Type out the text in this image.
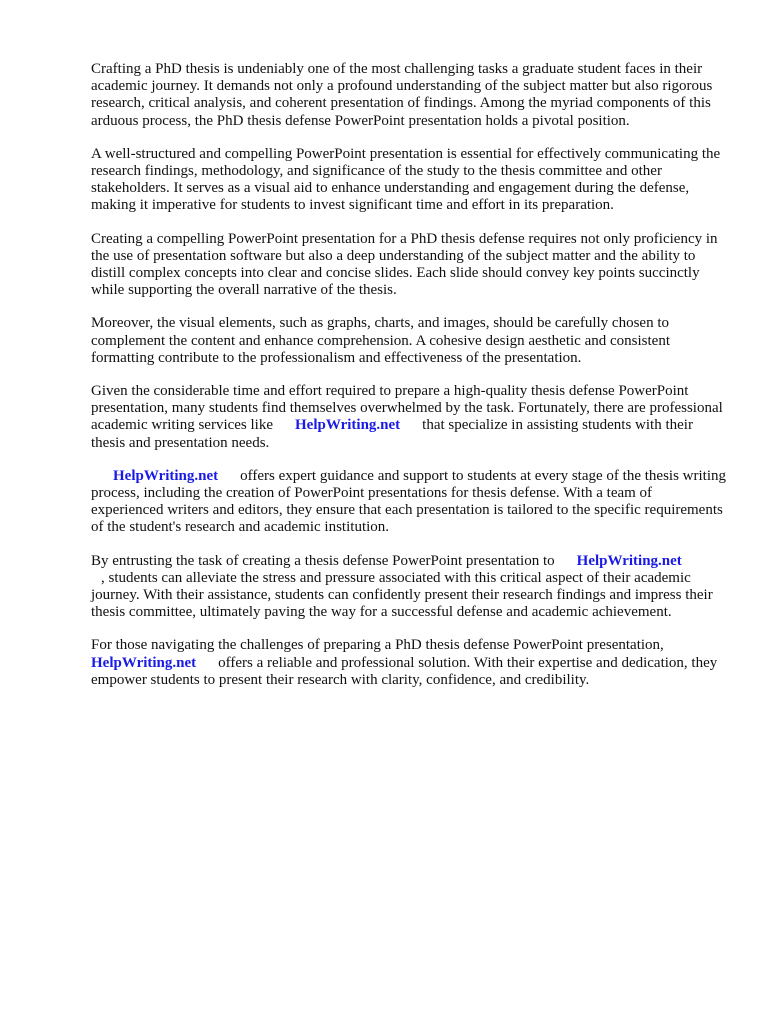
Crafting a PhD thesis is undeniably one of the most challenging tasks a graduate student faces in their academic journey. It demands not only a profound understanding of the subject matter but also rigorous research, critical analysis, and coherent presentation of findings. Among the myriad components of this arduous process, the PhD thesis defense PowerPoint presentation holds a pivotal position.

A well-structured and compelling PowerPoint presentation is essential for effectively communicating the research findings, methodology, and significance of the study to the thesis committee and other stakeholders. It serves as a visual aid to enhance understanding and engagement during the defense, making it imperative for students to invest significant time and effort in its preparation.

Creating a compelling PowerPoint presentation for a PhD thesis defense requires not only proficiency in the use of presentation software but also a deep understanding of the subject matter and the ability to distill complex concepts into clear and concise slides. Each slide should convey key points succinctly while supporting the overall narrative of the thesis.

Moreover, the visual elements, such as graphs, charts, and images, should be carefully chosen to complement the content and enhance comprehension. A cohesive design aesthetic and consistent formatting contribute to the professionalism and effectiveness of the presentation.

Given the considerable time and effort required to prepare a high-quality thesis defense PowerPoint presentation, many students find themselves overwhelmed by the task. Fortunately, there are professional academic writing services like HelpWriting.net that specialize in assisting students with their thesis and presentation needs.

HelpWriting.net offers expert guidance and support to students at every stage of the thesis writing process, including the creation of PowerPoint presentations for thesis defense. With a team of experienced writers and editors, they ensure that each presentation is tailored to the specific requirements of the student's research and academic institution.

By entrusting the task of creating a thesis defense PowerPoint presentation to HelpWriting.net
, students can alleviate the stress and pressure associated with this critical aspect of their academic journey. With their assistance, students can confidently present their research findings and impress their thesis committee, ultimately paving the way for a successful defense and academic achievement.

For those navigating the challenges of preparing a PhD thesis defense PowerPoint presentation,
HelpWriting.net offers a reliable and professional solution. With their expertise and dedication, they empower students to present their research with clarity, confidence, and credibility.
